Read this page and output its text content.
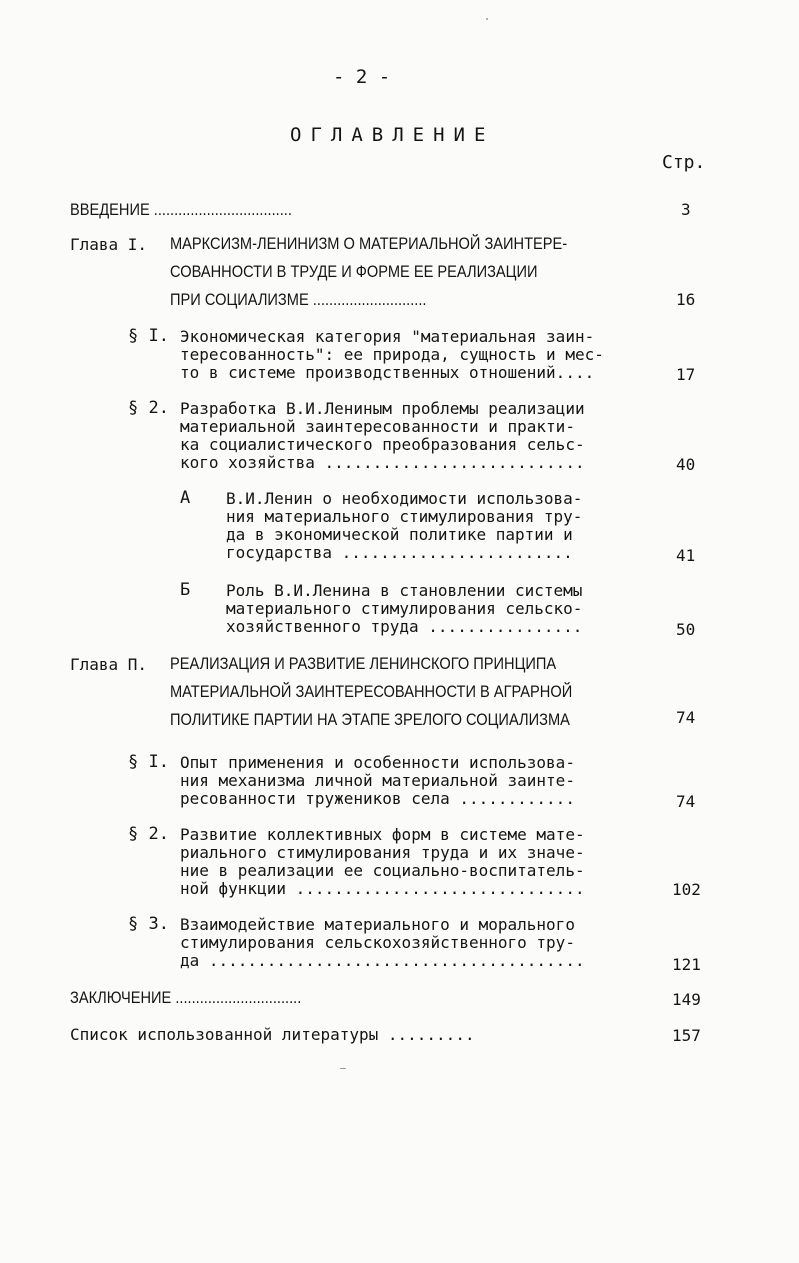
- 2 -
ОГЛАВЛЕНИЕ
Стр.
ВВЕДЕНИЕ ..................................	3
Глава I. МАРКСИЗМ-ЛЕНИНИЗМ О МАТЕРИАЛЬНОЙ ЗАИНТЕРЕ-
СОВАННОСТИ В ТРУДЕ И ФОРМЕ ЕЕ РЕАЛИЗАЦИИ
ПРИ СОЦИАЛИЗМЕ ............................	16
§ I. Экономическая категория "материальная заин-
тересованность": ее природа, сущность и мес-
то в системе производственных отношений....	17
§ 2. Разработка В.И.Лениным проблемы реализации
материальной заинтересованности и практи-
ка социалистического преобразования сельс-
кого хозяйства ...........................	40
А В.И.Ленин о необходимости использова-
ния материального стимулирования тру-
да в экономической политике партии и
государства ........................	41
Б Роль В.И.Ленина в становлении системы
материального стимулирования сельско-
хозяйственного труда ................	50
Глава П. РЕАЛИЗАЦИЯ И РАЗВИТИЕ ЛЕНИНСКОГО ПРИНЦИПА
МАТЕРИАЛЬНОЙ ЗАИНТЕРЕСОВАННОСТИ В АГРАРНОЙ
ПОЛИТИКЕ ПАРТИИ НА ЭТАПЕ ЗРЕЛОГО СОЦИАЛИЗМА	74
§ I. Опыт применения и особенности использова-
ния механизма личной материальной заинте-
ресованности тружеников села ............	74
§ 2. Развитие коллективных форм в системе мате-
риального стимулирования труда и их значе-
ние в реализации ее социально-воспитатель-
ной функции ..............................	102
§ 3. Взаимодействие материального и морального
стимулирования сельскохозяйственного тру-
да .......................................	121
ЗАКЛЮЧЕНИЕ ...............................	149
Список использованной литературы .........	157
